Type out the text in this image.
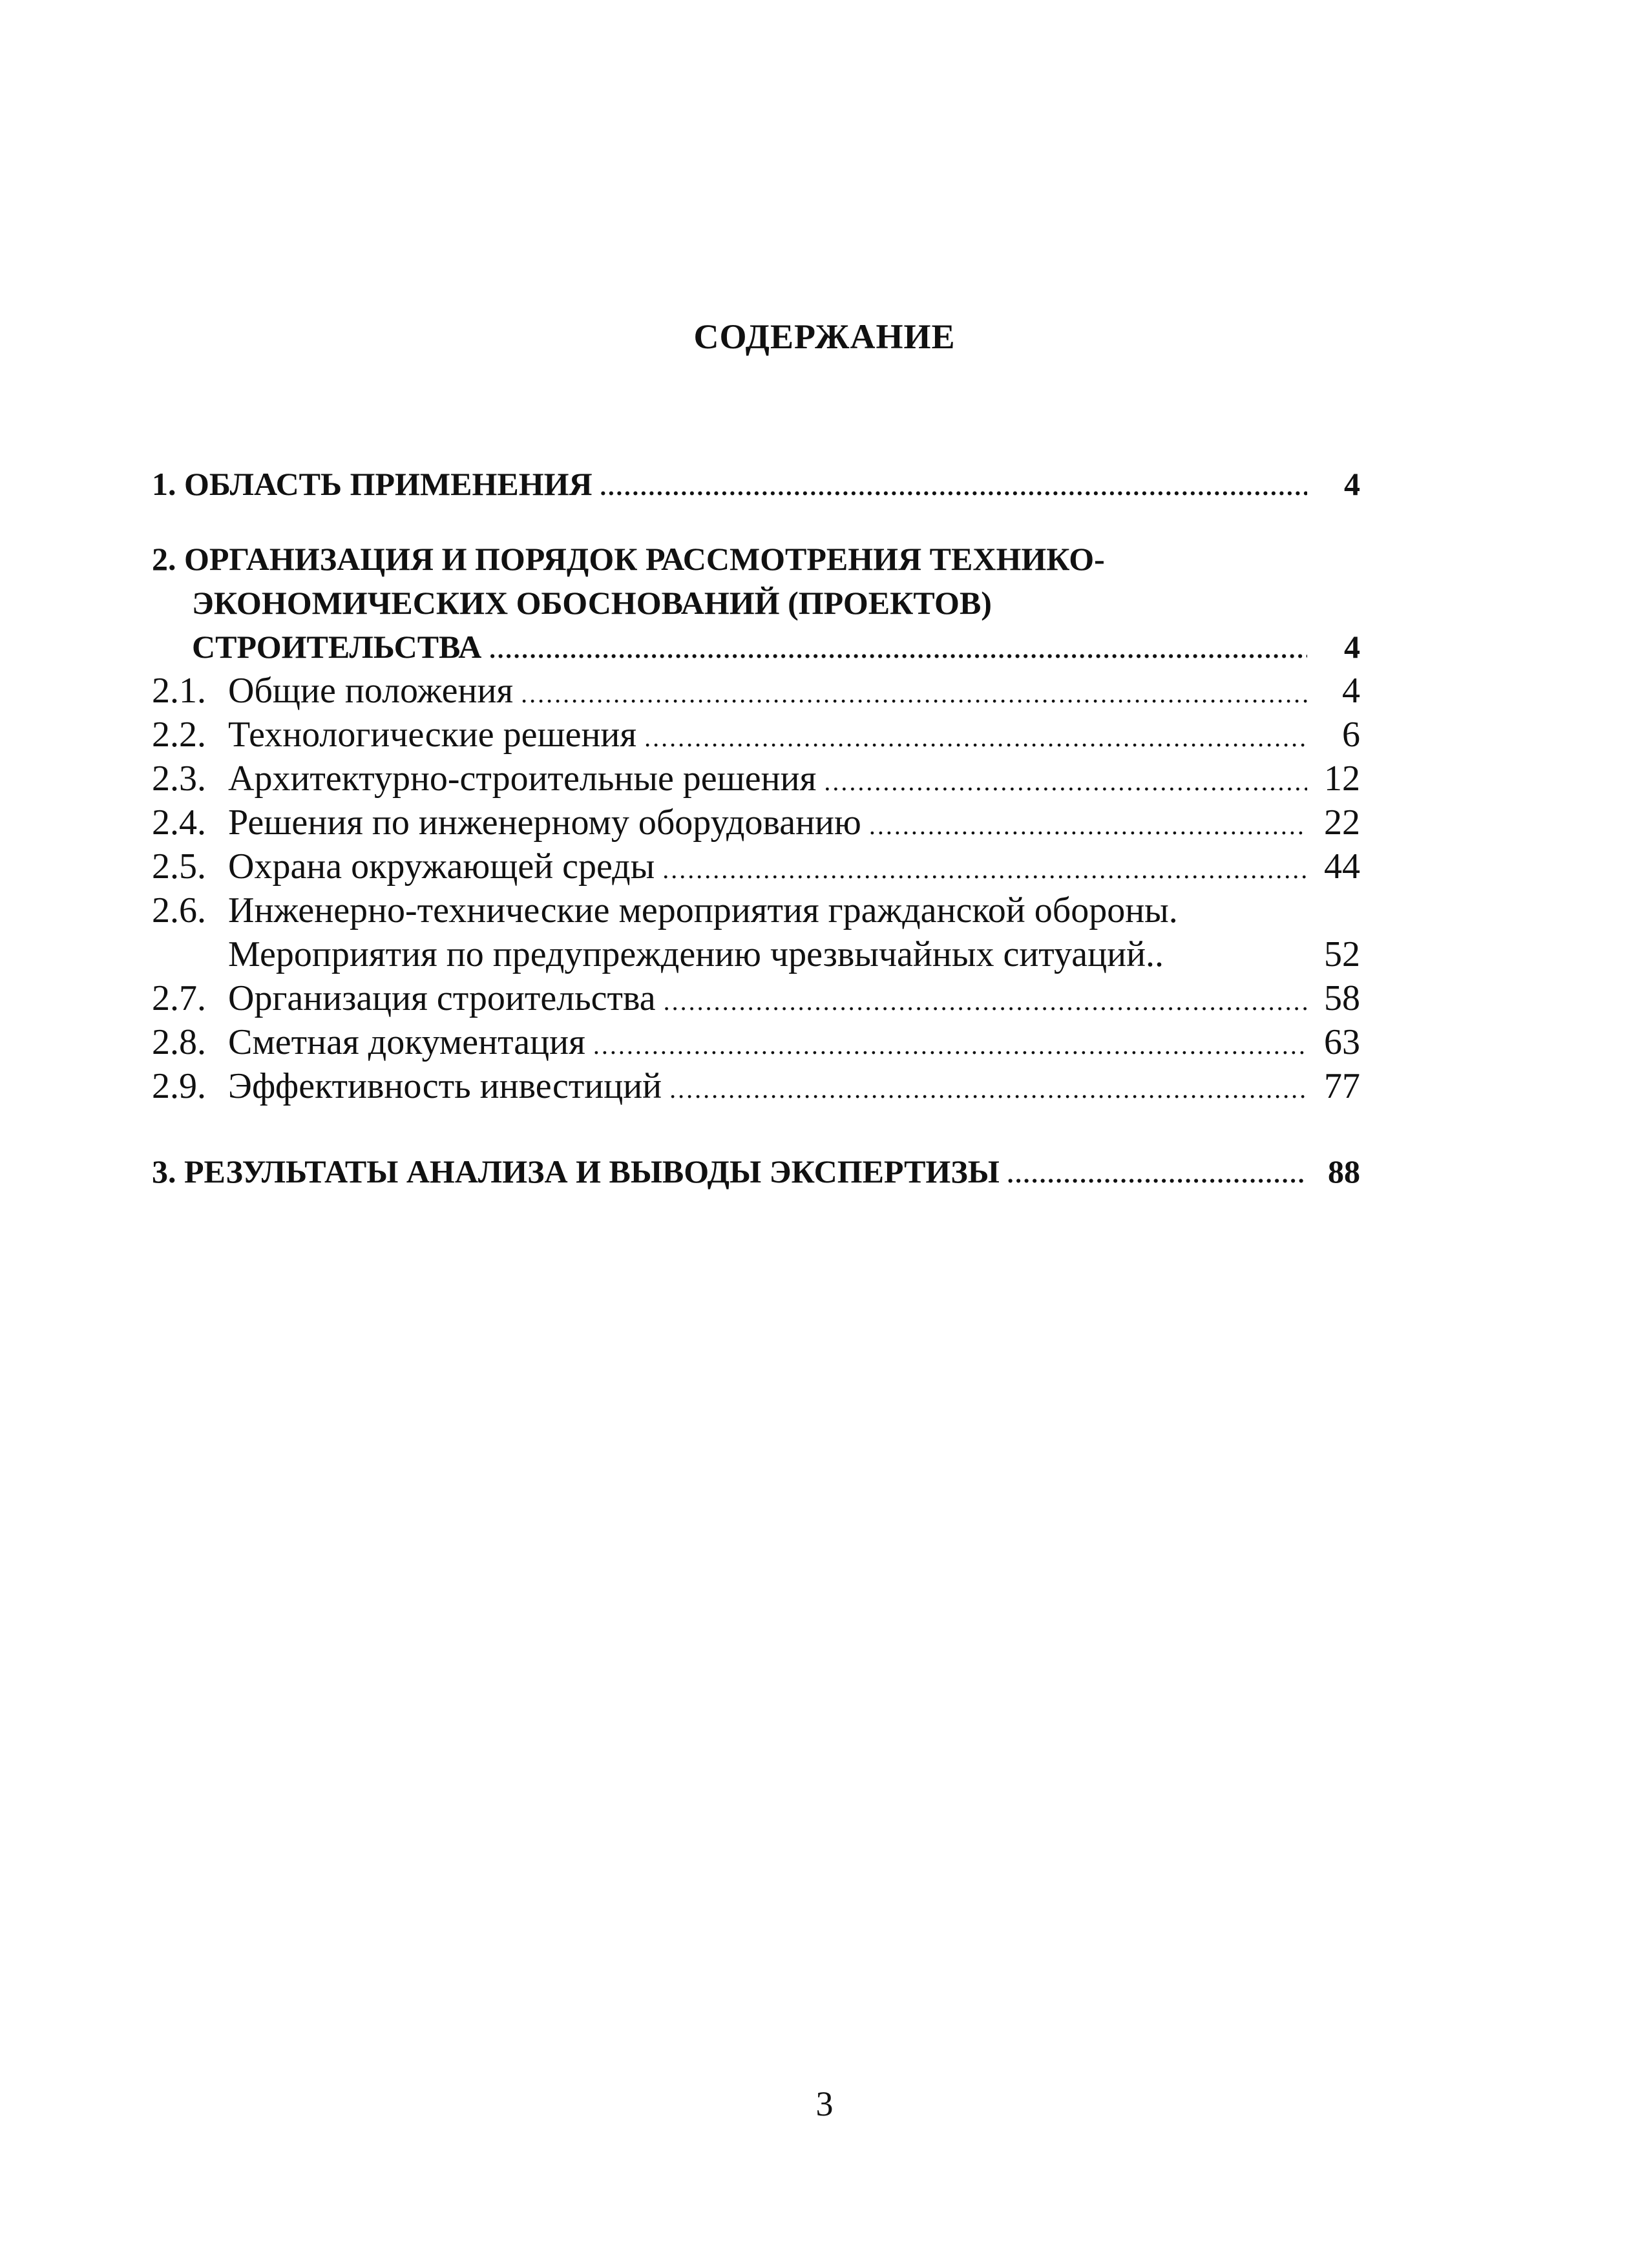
СОДЕРЖАНИЕ
1.
ОБЛАСТЬ ПРИМЕНЕНИЯ .....	4
2.
ОРГАНИЗАЦИЯ И ПОРЯДОК РАССМОТРЕНИЯ ТЕХНИКО-
ЭКОНОМИЧЕСКИХ ОБОСНОВАНИЙ (ПРОЕКТОВ)
СТРОИТЕЛЬСТВА .....	4
2.1. Общие положения .....	4
2.2. Технологические решения .....	6
2.3. Архитектурно-строительные решения .....	12
2.4. Решения по инженерному оборудованию .....	22
2.5. Охрана окружающей среды .....	44
2.6. Инженерно-технические мероприятия гражданской обороны.
Мероприятия по предупреждению чрезвычайных ситуаций..	52
2.7. Организация строительства .....	58
2.8. Сметная документация .....	63
2.9. Эффективность инвестиций .....	77
3.
РЕЗУЛЬТАТЫ АНАЛИЗА И ВЫВОДЫ ЭКСПЕРТИЗЫ .....	88
3
